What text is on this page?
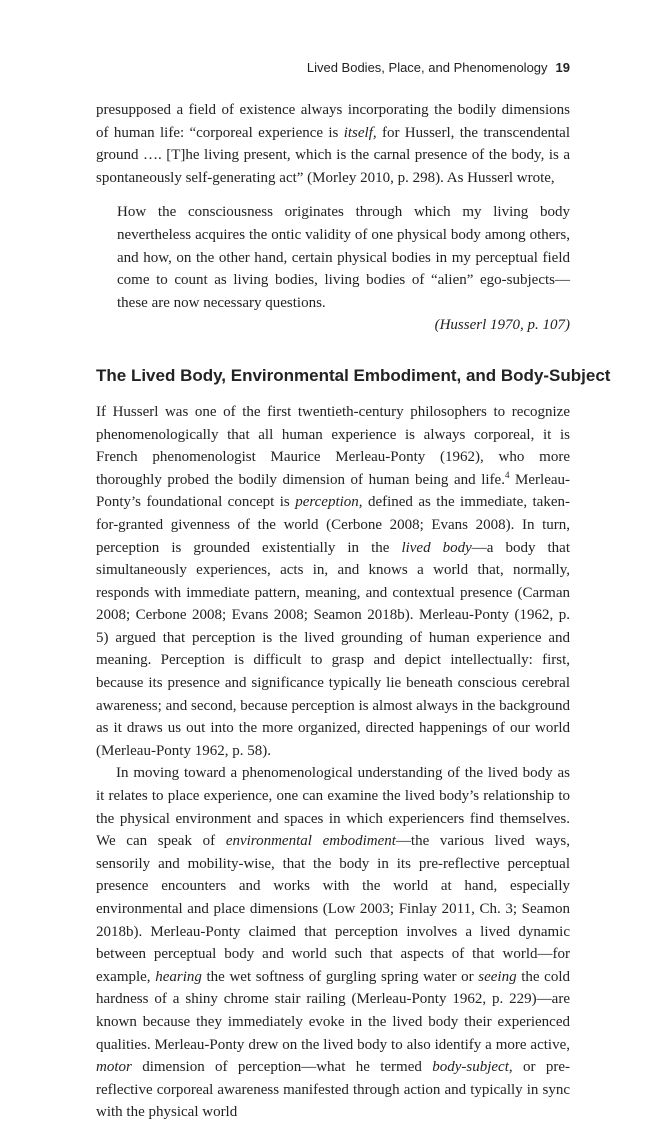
Lived Bodies, Place, and Phenomenology 19

presupposed a field of existence always incorporating the bodily dimensions of human life: “corporeal experience is itself, for Husserl, the transcendental ground …. [T]he living present, which is the carnal presence of the body, is a spontaneously self-generating act” (Morley 2010, p. 298). As Husserl wrote,

How the consciousness originates through which my living body nevertheless acquires the ontic validity of one physical body among others, and how, on the other hand, certain physical bodies in my perceptual field come to count as living bodies, living bodies of “alien” ego-subjects—these are now necessary questions.
(Husserl 1970, p. 107)
The Lived Body, Environmental Embodiment, and Body-Subject

If Husserl was one of the first twentieth-century philosophers to recognize phenomenologically that all human experience is always corporeal, it is French phenomenologist Maurice Merleau-Ponty (1962), who more thoroughly probed the bodily dimension of human being and life.$^4$ Merleau-Ponty’s foundational concept is perception, defined as the immediate, taken-for-granted givenness of the world (Cerbone 2008; Evans 2008). In turn, perception is grounded existentially in the lived body—a body that simultaneously experiences, acts in, and knows a world that, normally, responds with immediate pattern, meaning, and contextual presence (Carman 2008; Cerbone 2008; Evans 2008; Seamon 2018b). Merleau-Ponty (1962, p. 5) argued that perception is the lived grounding of human experience and meaning. Perception is difficult to grasp and depict intellectually: first, because its presence and significance typically lie beneath conscious cerebral awareness; and second, because perception is almost always in the background as it draws us out into the more organized, directed happenings of our world (Merleau-Ponty 1962, p. 58).

In moving toward a phenomenological understanding of the lived body as it relates to place experience, one can examine the lived body’s relationship to the physical environment and spaces in which experiencers find themselves. We can speak of environmental embodiment—the various lived ways, sensorily and mobility-wise, that the body in its pre-reflective perceptual presence encounters and works with the world at hand, especially environmental and place dimensions (Low 2003; Finlay 2011, Ch. 3; Seamon 2018b). Merleau-Ponty claimed that perception involves a lived dynamic between perceptual body and world such that aspects of that world—for example, hearing the wet softness of gurgling spring water or seeing the cold hardness of a shiny chrome stair railing (Merleau-Ponty 1962, p. 229)—are known because they immediately evoke in the lived body their experienced qualities. Merleau-Ponty drew on the lived body to also identify a more active, motor dimension of perception—what he termed body-subject, or pre-reflective corporeal awareness manifested through action and typically in sync with the physical world
